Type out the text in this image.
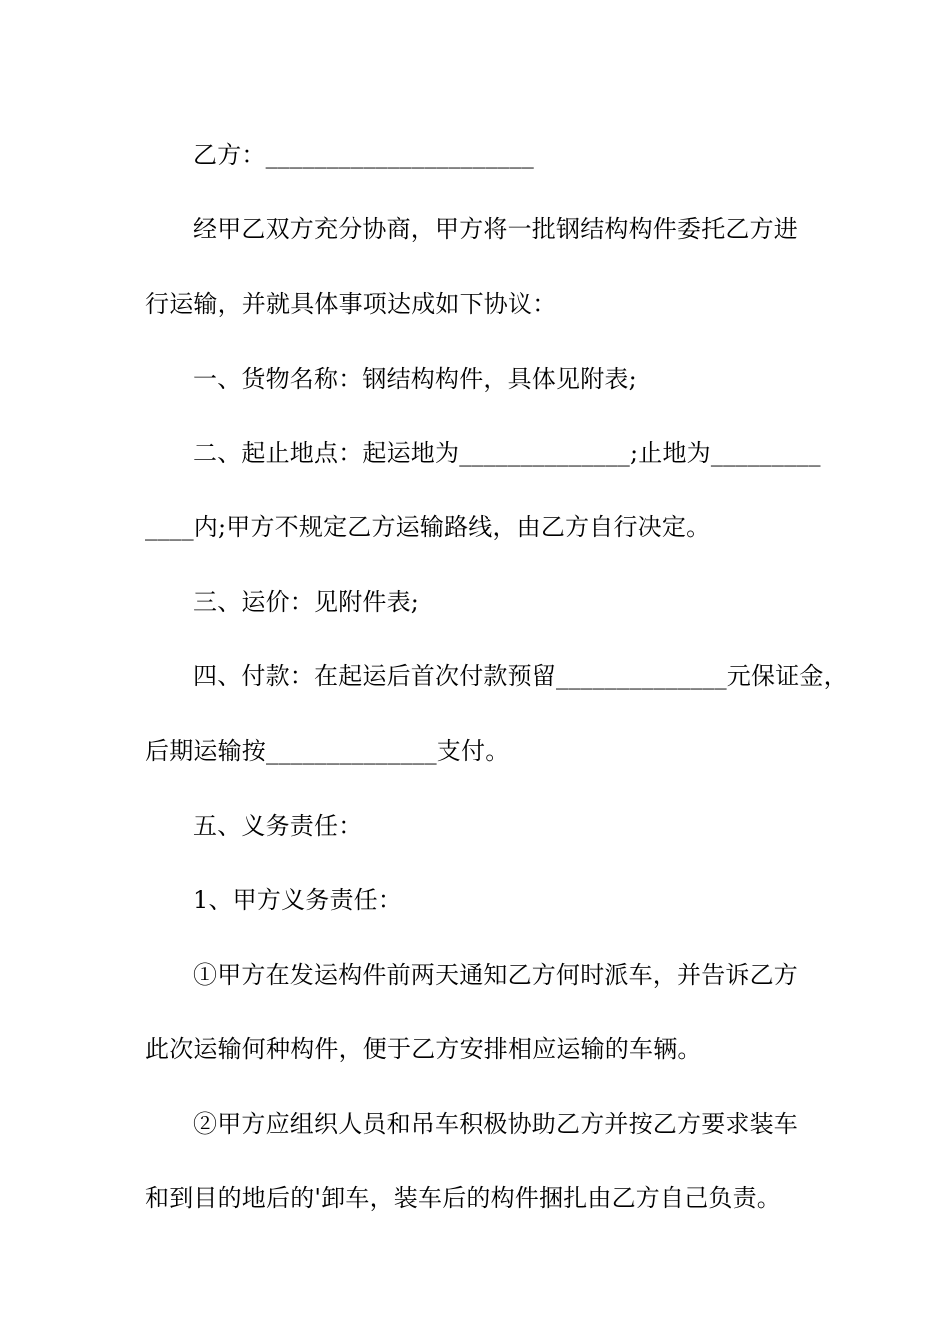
乙方：______________________
经甲乙双方充分协商，甲方将一批钢结构构件委托乙方进
行运输，并就具体事项达成如下协议：
一、货物名称：钢结构构件，具体见附表;
二、起止地点：起运地为______________;止地为_________
____内;甲方不规定乙方运输路线，由乙方自行决定。
三、运价：见附件表;
四、付款：在起运后首次付款预留______________元保证金，
后期运输按______________支付。
五、义务责任：
1、甲方义务责任：
①甲方在发运构件前两天通知乙方何时派车，并告诉乙方
此次运输何种构件，便于乙方安排相应运输的车辆。
②甲方应组织人员和吊车积极协助乙方并按乙方要求装车
和到目的地后的'卸车，装车后的构件捆扎由乙方自己负责。
